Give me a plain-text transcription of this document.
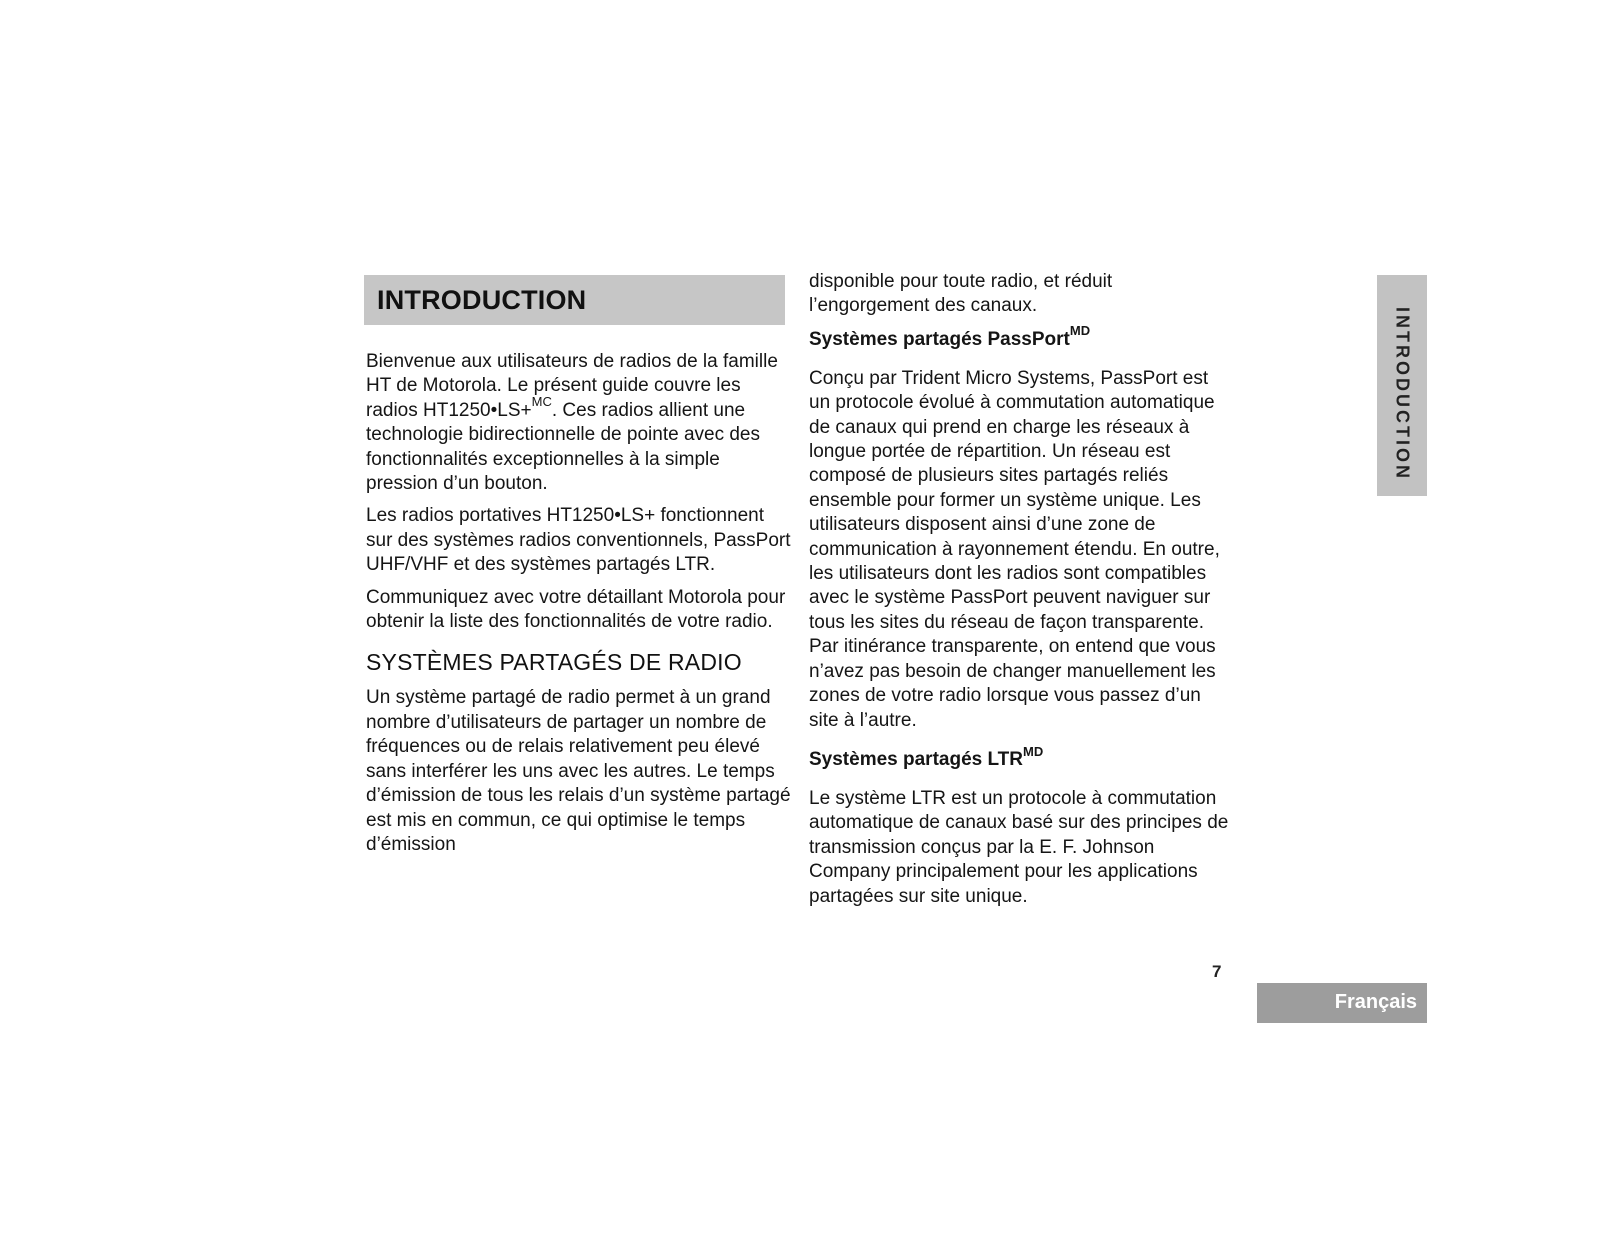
INTRODUCTION

Bienvenue aux utilisateurs de radios de la famille HT de Motorola. Le présent guide couvre les radios HT1250•LS+$^{MC}$. Ces radios allient une technologie bidirectionnelle de pointe avec des fonctionnalités exceptionnelles à la simple pression d’un bouton.

Les radios portatives HT1250•LS+ fonctionnent sur des systèmes radios conventionnels, PassPort UHF/VHF et des systèmes partagés LTR.

Communiquez avec votre détaillant Motorola pour obtenir la liste des fonctionnalités de votre radio.

SYSTÈMES PARTAGÉS DE RADIO

Un système partagé de radio permet à un grand nombre d’utilisateurs de partager un nombre de fréquences ou de relais relativement peu élevé sans interférer les uns avec les autres. Le temps d’émission de tous les relais d’un système partagé est mis en commun, ce qui optimise le temps d’émission

disponible pour toute radio, et réduit l’engorgement des canaux.

Systèmes partagés PassPort$^{MD}$

Conçu par Trident Micro Systems, PassPort est un protocole évolué à commutation automatique de canaux qui prend en charge les réseaux à longue portée de répartition. Un réseau est composé de plusieurs sites partagés reliés ensemble pour former un système unique. Les utilisateurs disposent ainsi d’une zone de communication à rayonnement étendu. En outre, les utilisateurs dont les radios sont compatibles avec le système PassPort peuvent naviguer sur tous les sites du réseau de façon transparente. Par itinérance transparente, on entend que vous n’avez pas besoin de changer manuellement les zones de votre radio lorsque vous passez d’un site à l’autre.

Systèmes partagés $LTR^{MD}$

Le système LTR est un protocole à commutation automatique de canaux basé sur des principes de transmission conçus par la E. F. Johnson Company principalement pour les applications partagées sur site unique.

INTRODUCTION
7
Français
